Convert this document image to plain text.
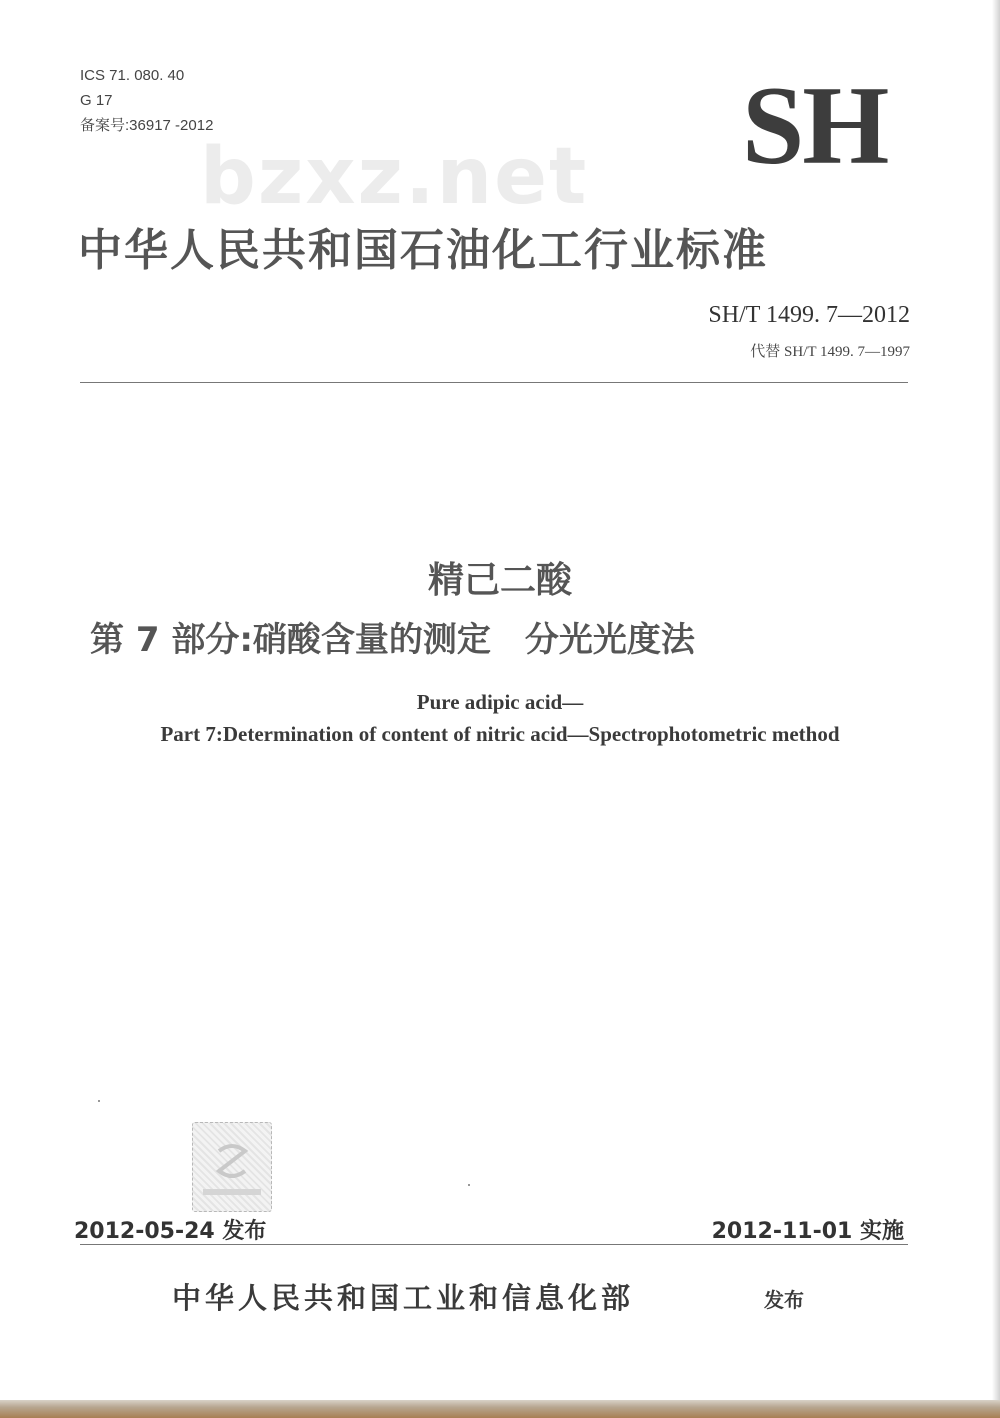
ICS 71. 080. 40
G 17
备案号:36917 -2012
bzxz.net SH
中华人民共和国石油化工行业标准
SH/T 1499. 7—2012
代替 SH/T 1499. 7—1997
精己二酸
第 7 部分:硝酸含量的测定　分光光度法
Pure adipic acid—
Part 7:Determination of content of nitric acid—Spectrophotometric method
2012-05-24 发布	2012-11-01 实施
中华人民共和国工业和信息化部	发布
